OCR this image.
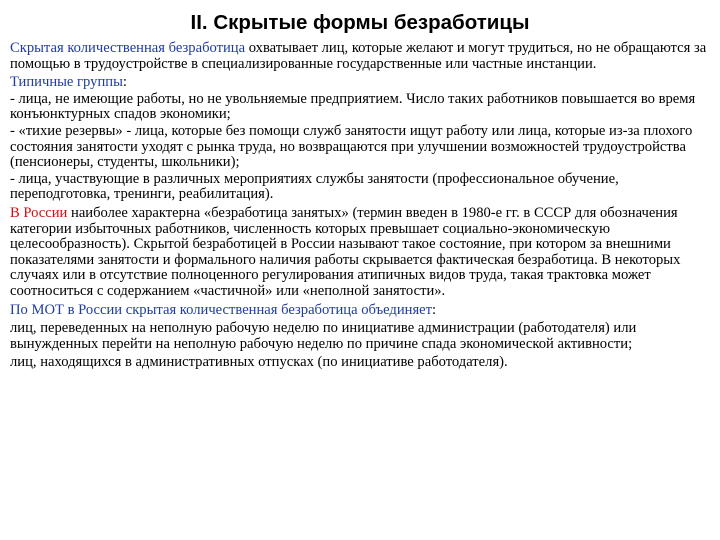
II. Скрытые формы безработицы

Скрытая количественная безработица охватывает лиц, которые желают и могут трудиться, но не обращаются за помощью в трудоустройстве в специализированные государственные или частные инстанции.

Типичные группы:

- лица, не имеющие работы, но не увольняемые предприятием. Число таких работников повышается во время конъюнктурных спадов экономики;

- «тихие резервы» - лица, которые без помощи служб занятости ищут работу или лица, которые из-за плохого состояния занятости уходят с рынка труда, но возвращаются при улучшении возможностей трудоустройства (пенсионеры, студенты, школьники);

- лица, участвующие в различных мероприятиях службы занятости (профессиональное обучение, переподготовка, тренинги, реабилитация).

В России наиболее характерна «безработица занятых» (термин введен в 1980-е гг. в СССР для обозначения категории избыточных работников, численность которых превышает социально-экономическую целесообразность). Скрытой безработицей в России называют такое состояние, при котором за внешними показателями занятости и формального наличия работы скрывается фактическая безработица. В некоторых случаях или в отсутствие полноценного регулирования атипичных видов труда, такая трактовка может соотноситься с содержанием «частичной» или «неполной занятости».

По МОТ в России скрытая количественная безработица объединяет:

лиц, переведенных на неполную рабочую неделю по инициативе администрации (работодателя) или вынужденных перейти на неполную рабочую неделю по причине спада экономической активности;

лиц, находящихся в административных отпусках (по инициативе работодателя).
